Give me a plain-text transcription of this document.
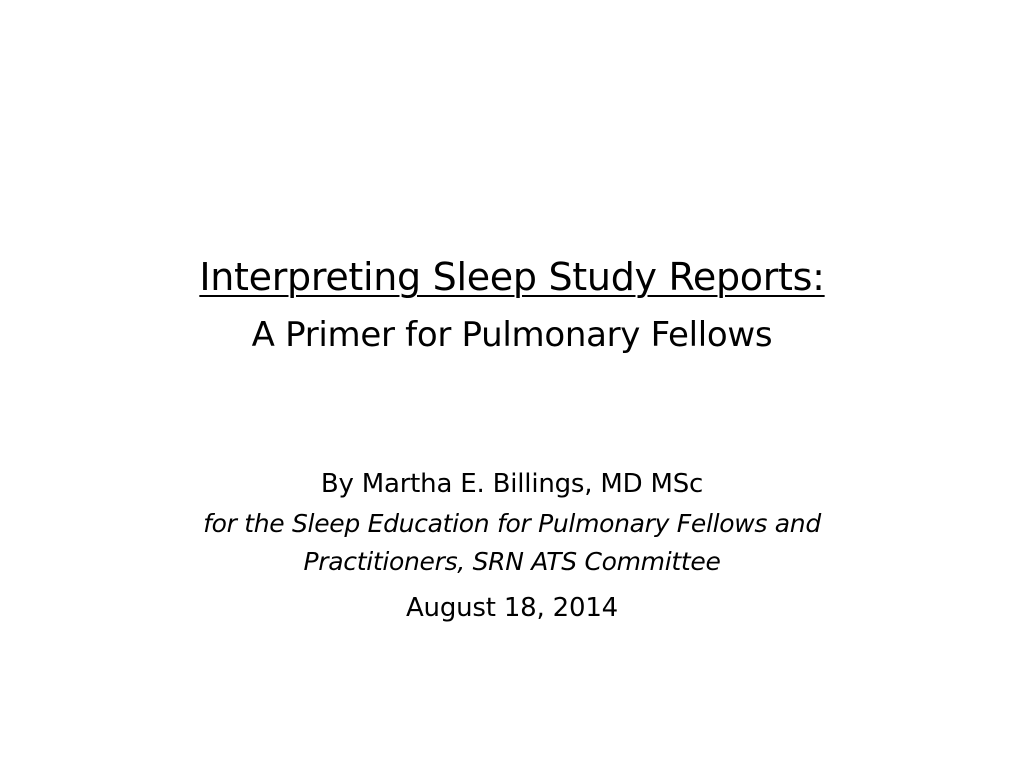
Interpreting Sleep Study Reports:
A Primer for Pulmonary Fellows
By Martha E. Billings, MD MSc
for the Sleep Education for Pulmonary Fellows and Practitioners, SRN ATS Committee
August 18, 2014
